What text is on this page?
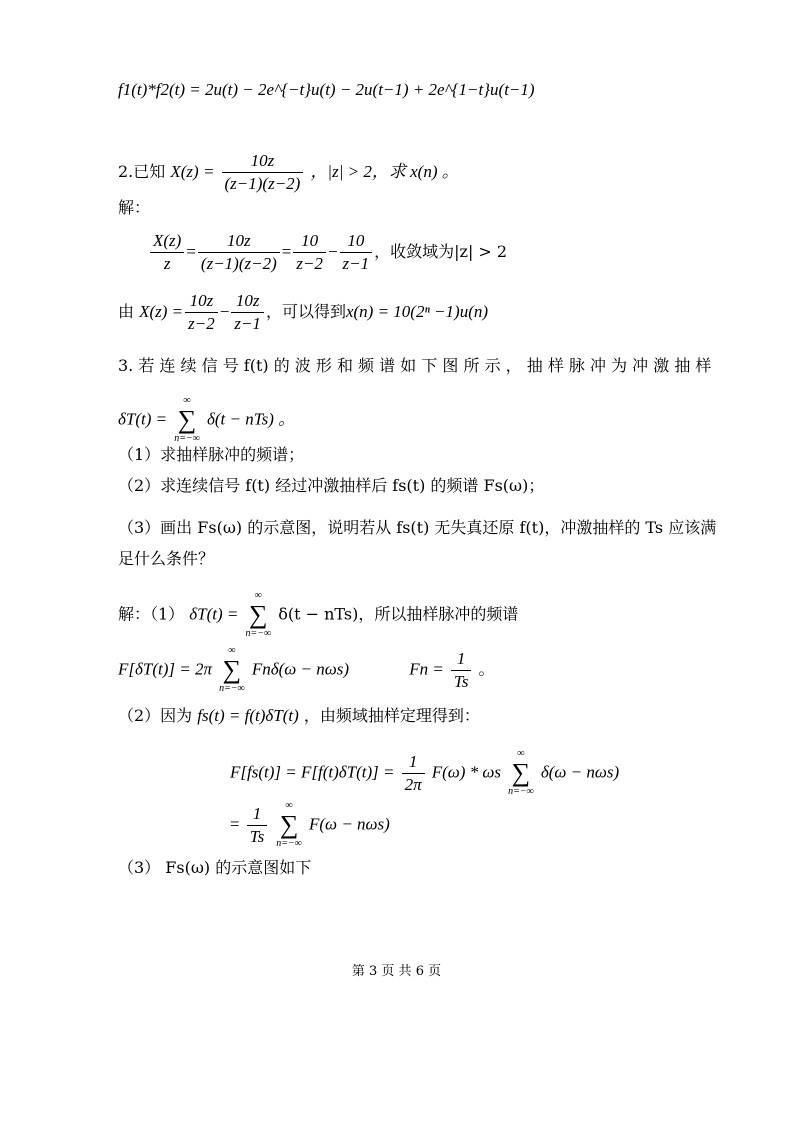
f1(t)*f2(t) = 2u(t) − 2e^{−t}u(t) − 2u(t−1) + 2e^{1−t}u(t−1)
2.已知 $X(z) = \frac{10z}{(z-1)(z-2)}$ ，|z| > 2，求 x(n) 。
解：
$\frac{X(z)}{z} = \frac{10z}{(z-1)(z-2)} = \frac{10}{z-2} - \frac{10}{z-1}$ ，收敛域为|z| > 2
由 $X(z) = \frac{10z}{z-2} - \frac{10z}{z-1}$ ，可以得到x(n) = 10(2ⁿ −1)u(n)
3. 若 连 续 信 号 f(t) 的 波 形 和 频 谱 如 下 图 所 示 ， 抽 样 脉 冲 为 冲 激 抽 样
δT(t) =
∞
∑
n=−∞
δ(t − nTs) 。
（1）求抽样脉冲的频谱；
（2）求连续信号 f(t) 经过冲激抽样后 fs(t) 的频谱 Fs(ω)；
（3）画出 Fs(ω) 的示意图，说明若从 fs(t) 无失真还原 f(t)，冲激抽样的 Ts 应该满
足什么条件？
解：（1） δT(t) =
∞
∑
n=−∞
δ(t − nTs)，所以抽样脉冲的频谱
F[δT(t)] = 2π
∞
∑
n=−∞
Fnδ(ω − nωs)	$Fn = \frac{1}{Ts}$ 。
（2）因为 fs(t) = f(t)δT(t) ，由频域抽样定理得到：
$F[fs(t)] = F[f(t)\delta T(t)] = \frac{1}{2\pi} F(\omega) * \omega s$
∞
∑
n=−∞
δ(ω − nωs)
= $\frac{1}{Ts}$
	∞
∑
n=−∞
F(ω − nωs)
（3） Fs(ω) 的示意图如下
第 3 页 共 6 页
